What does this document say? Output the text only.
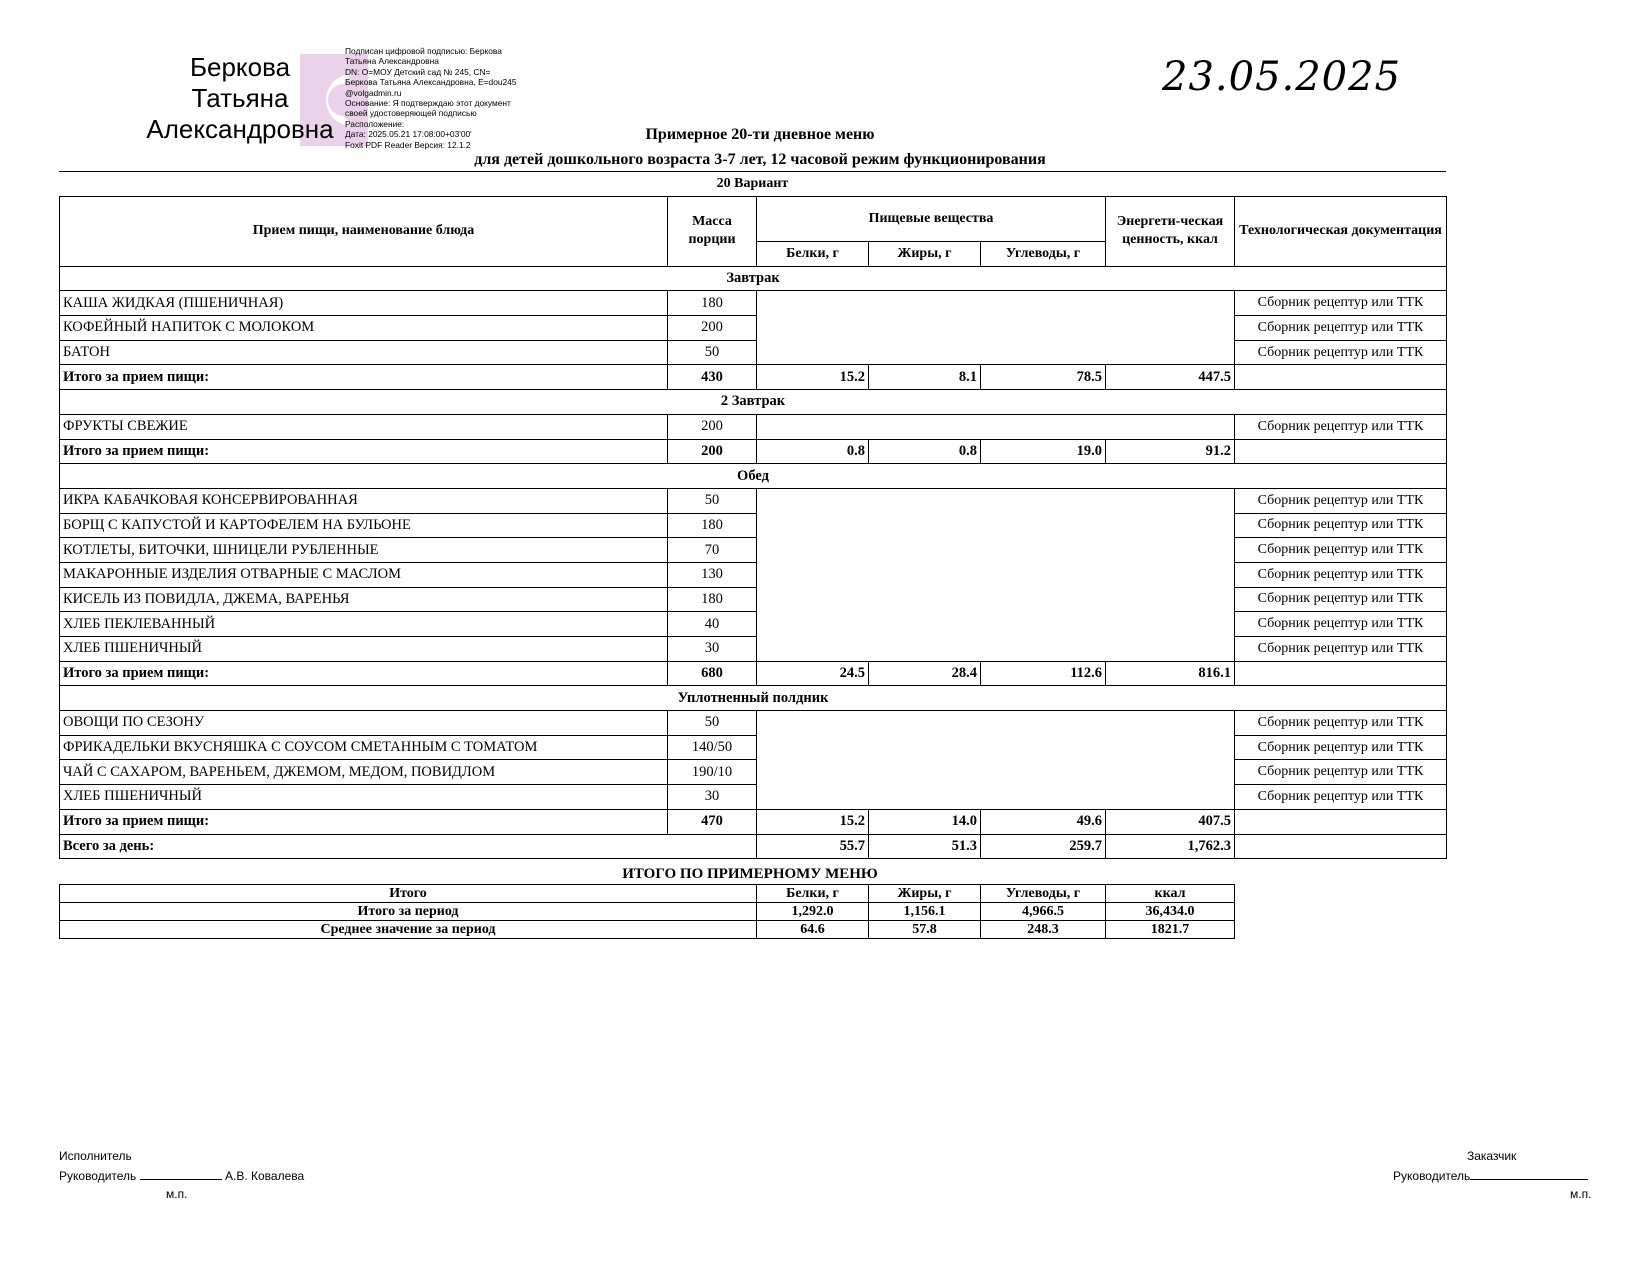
Беркова
Татьяна
Александровна
Подписан цифровой подписью: Беркова
Татьяна Александровна
DN: O=МОУ Детский сад № 245, CN=
Беркова Татьяна Александровна, E=dou245
@volgadmin.ru
Основание: Я подтверждаю этот документ
своей удостоверяющей подписью
Расположение:
Дата: 2025.05.21 17:08:00+03'00'
Foxit PDF Reader Версия: 12.1.2
23.05.2025
Примерное 20-ти дневное меню
для детей дошкольного возраста 3-7 лет, 12 часовой режим функционирования
20 Вариант
Прием пищи, наименование блюда	Масса порции	Пищевые вещества			Энергети-ческая ценность, ккал	Технологическая документация
		Белки, г	Жиры, г	Углеводы, г		
Завтрак						
КАША ЖИДКАЯ (ПШЕНИЧНАЯ)	180					Сборник рецептур или ТТК
КОФЕЙНЫЙ НАПИТОК С МОЛОКОМ	200					Сборник рецептур или ТТК
БАТОН	50					Сборник рецептур или ТТК
Итого за прием пищи:	430	15.2	8.1	78.5	447.5	
2 Завтрак						
ФРУКТЫ СВЕЖИЕ	200					Сборник рецептур или ТТК
Итого за прием пищи:	200	0.8	0.8	19.0	91.2	
Обед						
ИКРА КАБАЧКОВАЯ КОНСЕРВИРОВАННАЯ	50					Сборник рецептур или ТТК
БОРЩ С КАПУСТОЙ И КАРТОФЕЛЕМ НА БУЛЬОНЕ	180					Сборник рецептур или ТТК
КОТЛЕТЫ, БИТОЧКИ, ШНИЦЕЛИ РУБЛЕННЫЕ	70					Сборник рецептур или ТТК
МАКАРОННЫЕ ИЗДЕЛИЯ ОТВАРНЫЕ С МАСЛОМ	130					Сборник рецептур или ТТК
КИСЕЛЬ ИЗ ПОВИДЛА, ДЖЕМА, ВАРЕНЬЯ	180					Сборник рецептур или ТТК
ХЛЕБ ПЕКЛЕВАННЫЙ	40					Сборник рецептур или ТТК
ХЛЕБ ПШЕНИЧНЫЙ	30					Сборник рецептур или ТТК
Итого за прием пищи:	680	24.5	28.4	112.6	816.1	
Уплотненный полдник						
ОВОЩИ ПО СЕЗОНУ	50					Сборник рецептур или ТТК
ФРИКАДЕЛЬКИ ВКУСНЯШКА С СОУСОМ СМЕТАННЫМ С ТОМАТОМ	140/50					Сборник рецептур или ТТК
ЧАЙ С САХАРОМ, ВАРЕНЬЕМ, ДЖЕМОМ, МЕДОМ, ПОВИДЛОМ	190/10					Сборник рецептур или ТТК
ХЛЕБ ПШЕНИЧНЫЙ	30					Сборник рецептур или ТТК
Итого за прием пищи:	470	15.2	14.0	49.6	407.5	
Всего за день:		55.7	51.3	259.7	1,762.3	
ИТОГО ПО ПРИМЕРНОМУ МЕНЮ
Итого	Белки, г	Жиры, г	Углеводы, г	ккал
Итого за период	1,292.0	1,156.1	4,966.5	36,434.0
Среднее значение за период	64.6	57.8	248.3	1821.7
Исполнитель
Руководитель	А.В. Ковалева
м.п.
Заказчик
Руководитель
м.п.
